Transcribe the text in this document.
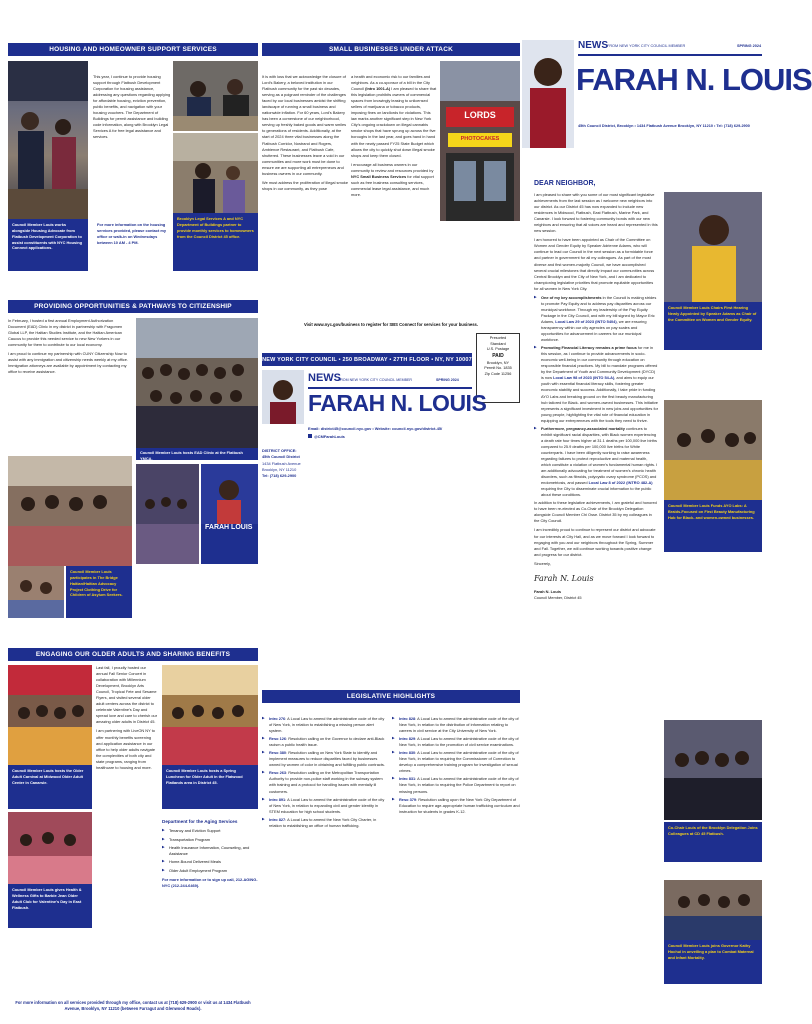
HOUSING AND HOMEOWNER SUPPORT SERVICES
Council Member Louis works alongside Housing Advocate from Flatbush Development Corporation to assist constituents with NYC Housing Connect applications.
This year, I continue to provide housing support through Flatbush Development Corporation for housing assistance, addressing any questions regarding applying for affordable housing, eviction prevention, public benefits, and navigation with your housing vouchers. The Department of Buildings for permit assistance and building code information, along with Brooklyn Legal Services A for free legal assistance and services.
For more information on the housing services provided, please contact my office or walk-in on Wednesdays between 10 AM - 4 PM.
Brooklyn Legal Services A and NYC Department of Buildings partner to provide monthly services to homeowners from the Council District 45 office.
PROVIDING OPPORTUNITIES & PATHWAYS TO CITIZENSHIP

In February, I hosted a first annual Employment Authorization Document (EAD) Clinic in my district in partnership with Fragomen Global LLP, the Haitian Studies Institute, and the Haitian American Caucus to provide this needed service to new New Yorkers in our community for them to contribute to our local economy.

I am proud to continue my partnership with CUNY Citizenship Now to assist with any immigration and citizenship needs weekly at my office. Immigration attorneys are available by appointment by contacting my office to receive assistance.

Council Member Louis hosts EAD Clinic at the Flatbush YMCA.
FARAH LOUIS
Council Member Louis participates in The Bridge Haitian/Haitian Advocacy Project Clothing Drive for Children of Asylum Seekers.
SMALL BUSINESSES UNDER ATTACK

It is with loss that we acknowledge the closure of Lord's Bakery, a beloved institution in our Flatbush community for the past six decades, serving as a poignant reminder of the challenges faced by our local businesses amidst the shifting landscape of running a small business and nationwide inflation. For 60 years, Lord's Bakery has been a cornerstone of our neighborhood, serving up freshly baked goods and warm smiles to generations of residents. Additionally, at the start of 2024 three vital businesses along the Flatbush Corridor, Nostrand and Rogers, Ambience Restaurant, and Flatbush Cafe, shuttered. These businesses leave a void in our communities and more work must be done to ensure we are supporting all entrepreneurs and business owners in our community.

We must address the proliferation of illegal smoke shops in our community, as they pose

a health and economic risk to our families and neighbors. As a co-sponsor of a bill in the City Council (Intro 1001-A) I am pleased to share that this legislation prohibits owners of commercial spaces from knowingly leasing to unlicensed sellers of marijuana or tobacco products, imposing fines on landlords for violations. This law marks another significant step in New York City's ongoing crackdown on illegal cannabis smoke shops that have sprung up across the five boroughs in the last year, and goes hand in hand with the newly passed FY25 State Budget which allows the city to quickly shut down illegal smoke shops and keep them closed.

I encourage all business owners in our community to review and resources provided by NYC Small Business Services for vital support such as free business consulting services, commercial lease legal assistance, and much more.

LORDS
PHOTOCAKES
Visit www.nyc.gov/business to register for SBS Connect for services for your business.
NEW YORK CITY COUNCIL • 250 BROADWAY • 27TH FLOOR • NY, NY 10007
Presorted
Standard
U.S. Postage
PAID
Brooklyn, NY
Permit No. 1835
Zip Code 11256
NEWS
FROM NEW YORK CITY COUNCIL MEMBER	SPRING 2024
FARAH N. LOUIS
Email: district45@council.nyc.gov • Website: council.nyc.gov/district-45/
@CMFarahLouis
DISTRICT OFFICE:
45th Council District
1434 Flatbush Avenue
Brooklyn, NY 11210
Tel: (718) 629-2900
NEWS FROM NEW YORK CITY COUNCIL MEMBER	SPRING 2024
FARAH N. LOUIS
45th Council District, Brooklyn • 1434 Flatbush Avenue Brooklyn, NY 11210 • Tel: (718) 629-2900
DEAR NEIGHBOR,

I am pleased to share with you some of our most significant legislative achievements from the last session as I welcome new neighbors into our district. As our District 45 has now expanded to include new residences in Midwood, Flatbush, East Flatbush, Marine Park, and Canarsie. I look forward to fostering community bonds with our new neighbors and ensuring that all voices are heard and represented in this new session.

I am honored to have been appointed as Chair of the Committee on Women and Gender Equity by Speaker Adrienne Adams, who will continue to lead our Council in the next session as a formidable force and partner in government for all my colleagues. As part of the most diverse and first women-majority Council, we have accomplished several crucial milestones that directly impact our communities across Central Brooklyn and the City of New York, and I am dedicated to championing legislative priorities that promote equitable opportunities for all women in New York City.

▶ One of my key accomplishments in the Council is making strides to promote Pay Equity and to address pay disparities across our municipal workforce. Through my leadership of the Pay Equity Package in the City Council, and with my bill signed by Mayor Eric Adams, Local Law 29 of 2023 (INTO 5404), we are ensuring transparency within our city agencies on pay scales and opportunities for advancement in careers for our municipal workforce.
▶ Promoting Financial Literacy remains a prime focus for me in this session, as I continue to provide advancements in socio-economic well-being in our community through education on responsible financial practices. My bill to mandate programs offered by the Department of Youth and Community Development (DYCD) is now Local Law 98 of 2023 (INTO 54-A), and aims to equip our youth with essential financial literacy skills, fostering greater economic stability and success. Additionally, I take pride in funding AYO Labs and breaking ground on the first beauty manufacturing hub tailored for Black- and women-owned businesses. This initiative represents a significant investment in new jobs and opportunities for young people, highlighting the vital role of financial education in equipping our entrepreneurs with the tools they need to thrive.
▶ Furthermore, pregnancy-associated mortality continues to exhibit significant racial disparities, with Black women experiencing a death rate four times higher at 31.1 deaths per 100,000 live births compared to 25.9 deaths per 100,000 live births for White counterparts. I have been diligently working to raise awareness regarding failures to protect reproductive and maternal health, which constitute a violation of women's fundamental human rights. I am additionally advocating for treatment of women's chronic health disorders, such as fibroids, polycystic ovary syndrome (PCOS) and endometriosis, and passed Local Law 8 of 2022 (INTRO 482-A) requiring the City to disseminate crucial information to the public about these conditions.

In addition to these legislative achievements, I am grateful and honored to have been re-elected as Co-Chair of the Brooklyn Delegation alongside Council Member Chi Osse. District 35 by my colleagues in the City Council.

I am incredibly proud to continue to represent our district and advocate for our interests at City Hall, and as we move forward I look forward to engaging with you and our neighbors throughout the Spring, Summer and Fall. Together, we will continue working towards positive change and progress for our district.

Sincerely,

Farah N. Louis

Farah N. Louis
Council Member, District 45

Council Member Louis Chairs First Hearing Newly Appointed by Speaker Adams as Chair of the Committee on Women and Gender Equity.
Council Member Louis Funds AYO Labs: A Braids-Focused on First Beauty Manufacturing Hub for Black- and women-owned businesses.
Co-Chair Louis of the Brooklyn Delegation Joins Colleagues at CD 45 Flatbush.
Council Member Louis joins Governor Kathy Hochul in unveiling a plan to Combat Maternal and Infant Mortality.
ENGAGING OUR OLDER ADULTS AND SHARING BENEFITS
Council Member Louis hosts the Older Adult Carnival at Midwood Older Adult Center in Canarsie.
Council Member Louis gives Health & Wellness Gifts to Barbie Jean Older Adult Club for Valentine's Day in East Flatbush.

Last fall, I proudly hosted our annual Fall Senior Concert in collaboration with Millennium Development, Brooklyn Arts Council, Tropical Fete and Sesame Flyers, and visited several older adult centers across the district to celebrate Valentine's Day and spread love and care to cherish our amazing older adults in District 45.

I am partnering with LiveON NY to offer monthly benefits screening and application assistance in our office to help older adults navigate the complexities of both city and state programs, ranging from healthcare to housing and more.

Council Member Louis hosts a Spring Luncheon for Older Adult in the Flatwood Flatlands area in District 45.
Department for the Aging Services
▶ Tenancy and Eviction Support
▶ Transportation Program
▶ Health Insurance Information, Counseling, and Assistance
▶ Home-Bound Delivered Meals
▶ Older Adult Employment Program
For more information or to sign up call, 212-AGING-NYC (212-244-6469).
For more information on all services provided through my office, contact us at (718) 629-2900 or visit us at 1434 Flatbush Avenue, Brooklyn, NY 11210 (between Farragut and Glenwood Roads).
LEGISLATIVE HIGHLIGHTS
▶ Intro 276: A Local Law to amend the administrative code of the city of New York, in relation to establishing a missing person alert system.
▶ Reso 126: Resolution calling on the Governor to declare anti-Black racism a public health issue.
▶ Reso 380: Resolution calling on New York State to identify and implement measures to reduce disparities faced by businesses owned by women of color in obtaining and fulfilling public contracts.
▶ Reso 263: Resolution calling on the Metropolitan Transportation Authority to provide non-police staff working in the subway system with training and a protocol for handling issues with mentally ill customers.
▶ Intro 891: A Local Law to amend the administrative code of the city of New York, in relation to expanding civil and gender identity in STEM education for high school students.
▶ Intro 827: A Local Law to amend the New York City Charter, in relation to establishing an office of human trafficking.
▶ Intro 828: A Local Law to amend the administrative code of the city of New York, in relation to the distribution of information relating to careers in civil service at the City University of New York.
▶ Intro 829: A Local Law to amend the administrative code of the city of New York, in relation to the promotion of civil service examinations.
▶ Intro 830: A Local Law to amend the administrative code of the city of New York, in relation to requiring the Commissioner of Correction to develop a comprehensive training program for investigation of sexual crimes.
▶ Intro 831: A Local Law to amend the administrative code of the city of New York, in relation to requiring the Police Department to report on missing persons.
▶ Reso 379: Resolution calling upon the New York City Department of Education to require age-appropriate human trafficking curriculum and instruction for students in grades K-12.
